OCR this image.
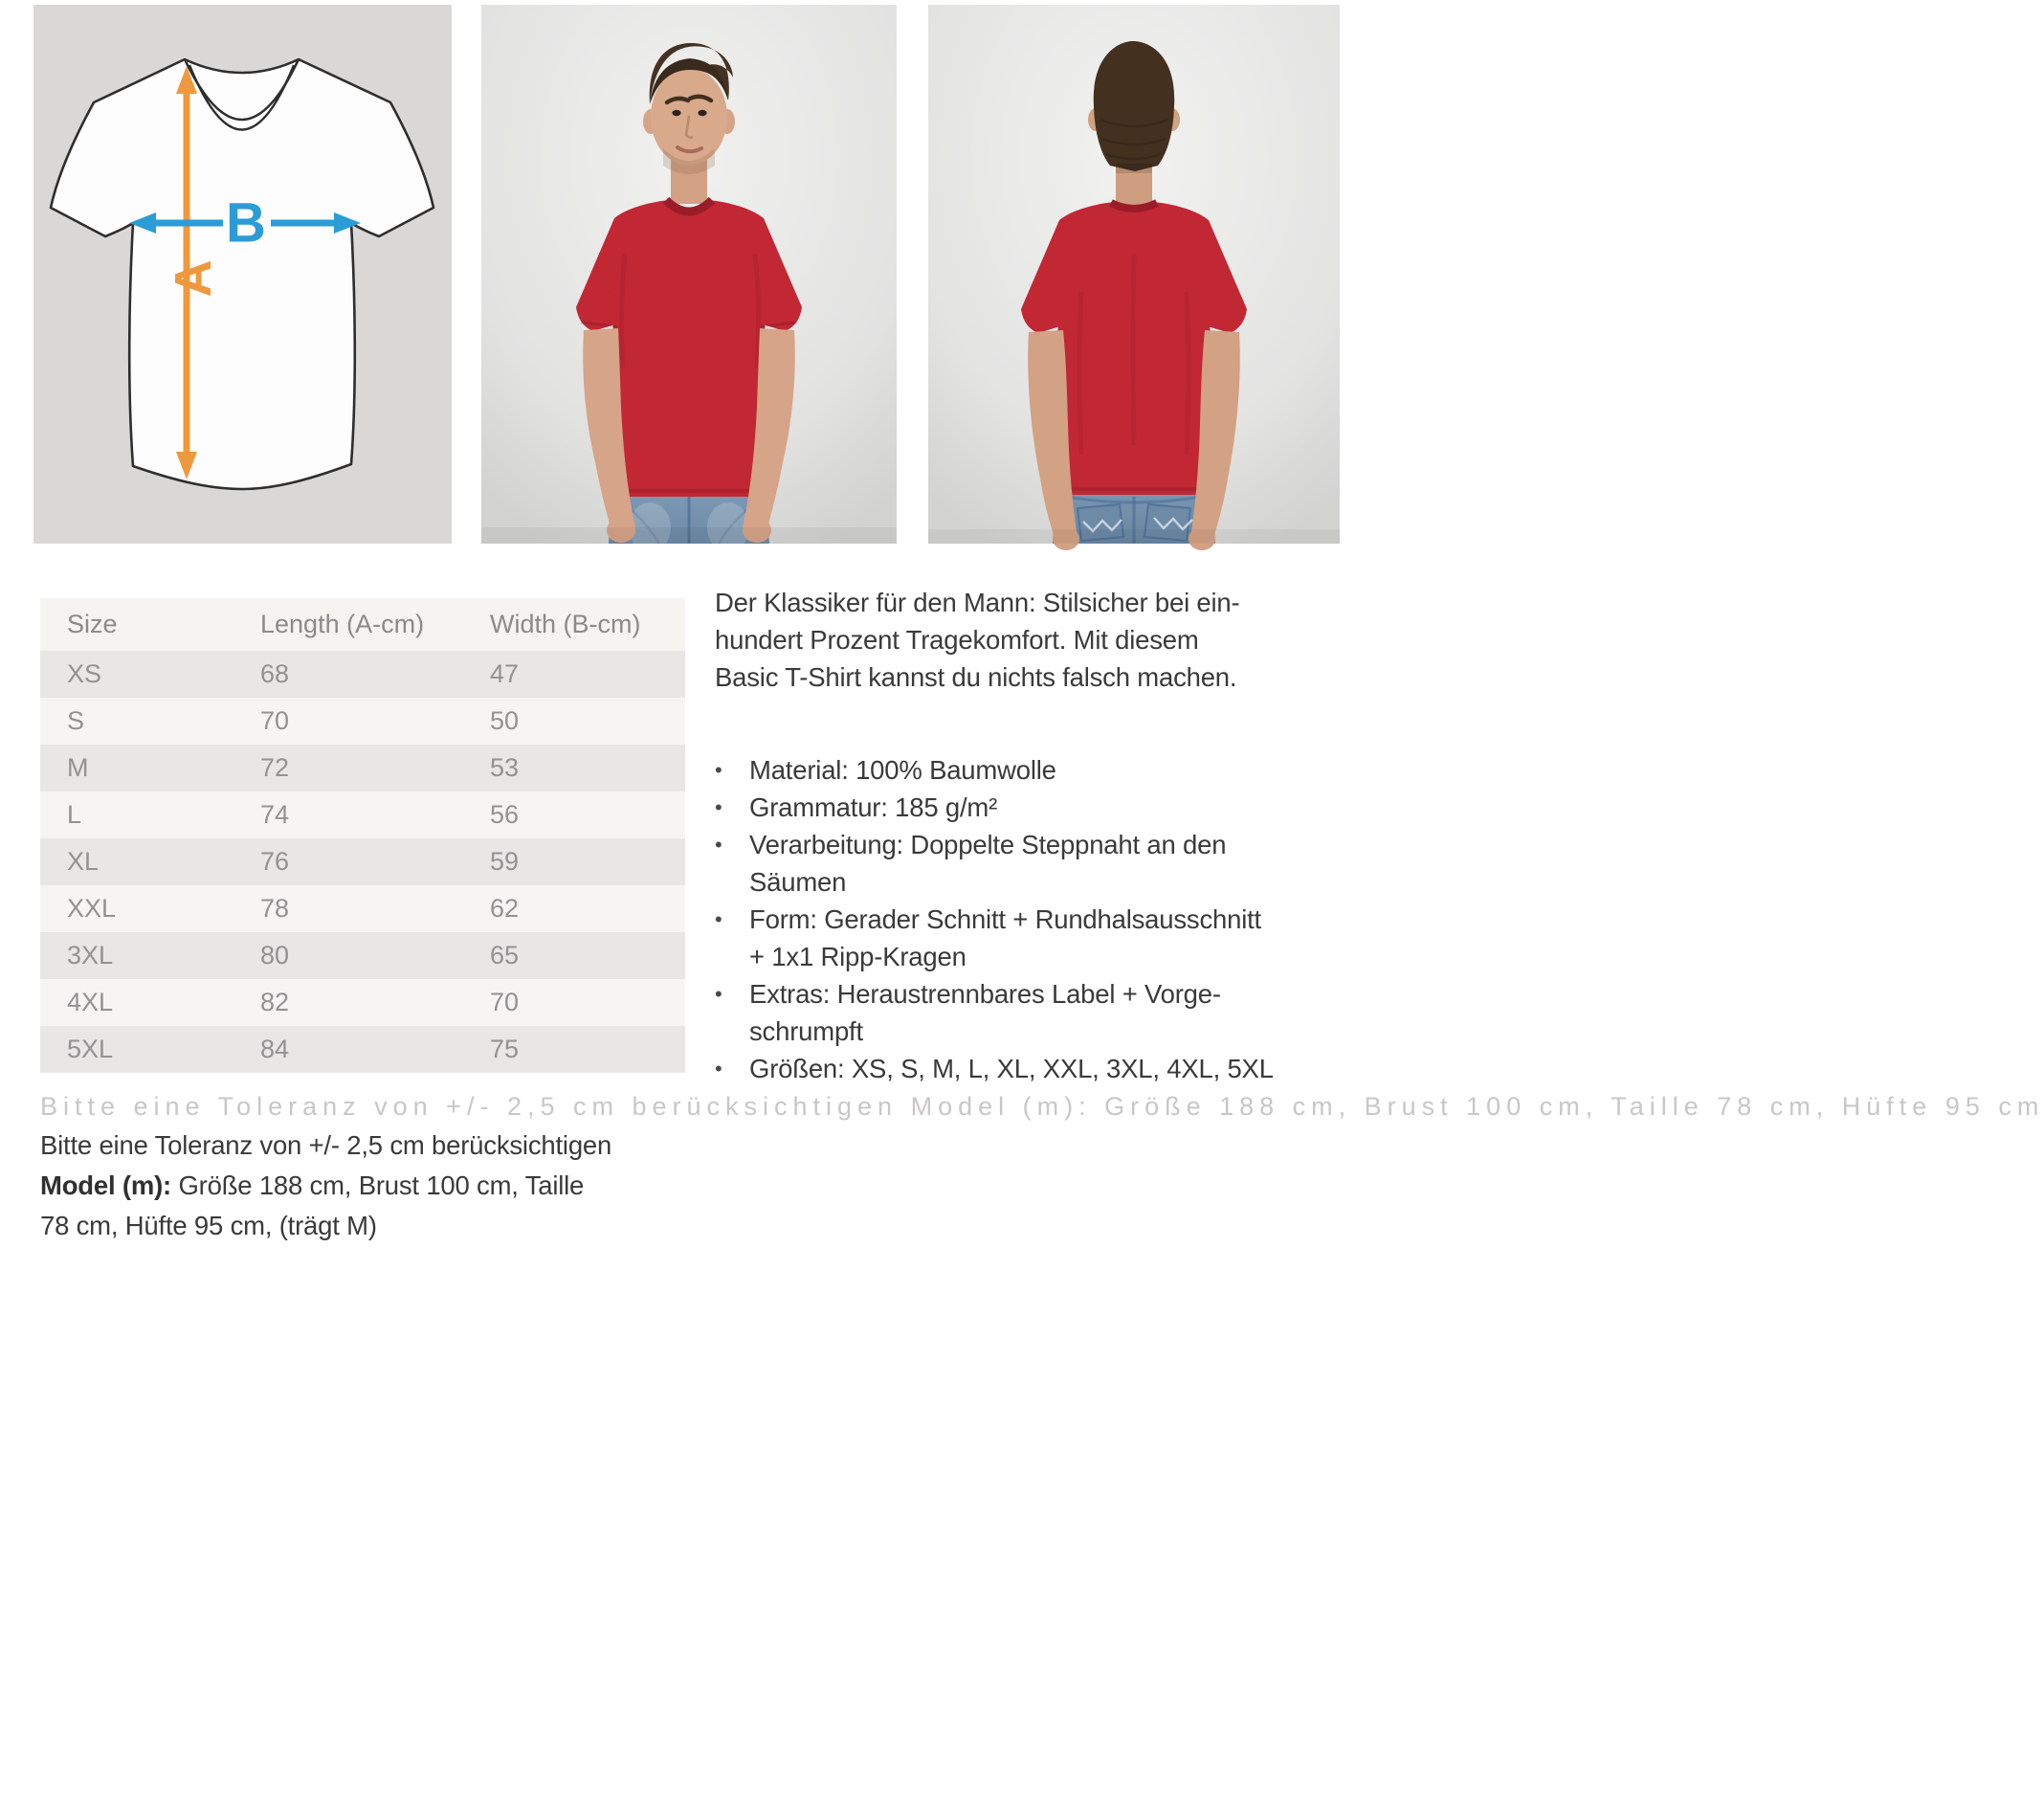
A
B
Size	Length (A-cm)	Width (B-cm)
XS	68	47
S	70	50
M	72	53
L	74	56
XL	76	59
XXL	78	62
3XL	80	65
4XL	82	70
5XL	84	75
Bitte eine Toleranz von +/- 2,5 cm berücksichtigen Model (m): Größe 188 cm, Brust 100 cm, Taille 78 cm, Hüfte 95 cm
Der Klassiker für den Mann: Stilsicher bei ein-
hundert Prozent Tragekomfort. Mit diesem
Basic T-Shirt kannst du nichts falsch machen.
•	Material: 100% Baumwolle
•	Grammatur: 185 g/m²
•	Verarbeitung: Doppelte Steppnaht an den
Säumen
•	Form: Gerader Schnitt + Rundhalsausschnitt
+ 1x1 Ripp-Kragen
•	Extras: Heraustrennbares Label + Vorge-
schrumpft
•	Größen: XS, S, M, L, XL, XXL, 3XL, 4XL, 5XL
Bitte eine Toleranz von +/- 2,5 cm berücksichtigen
Model (m): Größe 188 cm, Brust 100 cm, Taille
78 cm, Hüfte 95 cm, (trägt M)
